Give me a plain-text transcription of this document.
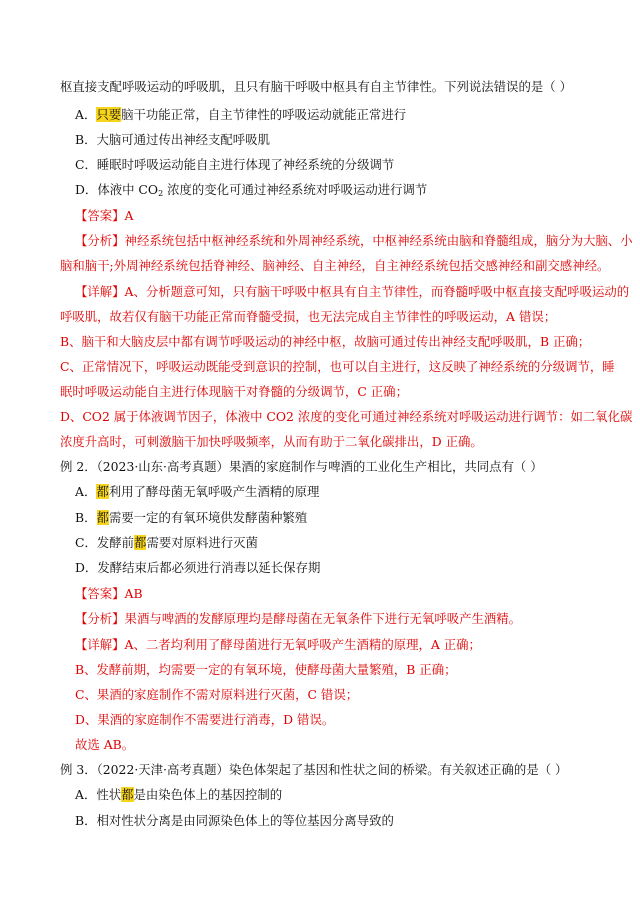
枢直接支配呼吸运动的呼吸肌，且只有脑干呼吸中枢具有自主节律性。下列说法错误的是（ ）
A．只要脑干功能正常，自主节律性的呼吸运动就能正常进行
B．大脑可通过传出神经支配呼吸肌
C．睡眠时呼吸运动能自主进行体现了神经系统的分级调节
D．体液中 $CO_2$ 浓度的变化可通过神经系统对呼吸运动进行调节
【答案】A
【分析】神经系统包括中枢神经系统和外周神经系统，中枢神经系统由脑和脊髓组成，脑分为大脑、小
脑和脑干;外周神经系统包括脊神经、脑神经、自主神经，自主神经系统包括交感神经和副交感神经。
【详解】A、分析题意可知，只有脑干呼吸中枢具有自主节律性，而脊髓呼吸中枢直接支配呼吸运动的
呼吸肌，故若仅有脑干功能正常而脊髓受损，也无法完成自主节律性的呼吸运动，A 错误；
B、脑干和大脑皮层中都有调节呼吸运动的神经中枢，故脑可通过传出神经支配呼吸肌，B 正确；
C、正常情况下，呼吸运动既能受到意识的控制，也可以自主进行，这反映了神经系统的分级调节，睡
眠时呼吸运动能自主进行体现脑干对脊髓的分级调节，C 正确；
D、CO2 属于体液调节因子，体液中 CO2 浓度的变化可通过神经系统对呼吸运动进行调节：如二氧化碳
浓度升高时，可刺激脑干加快呼吸频率，从而有助于二氧化碳排出，D 正确。
例 2．（2023·山东·高考真题）果酒的家庭制作与啤酒的工业化生产相比，共同点有（ ）
A．都利用了酵母菌无氧呼吸产生酒精的原理
B．都需要一定的有氧环境供发酵菌种繁殖
C．发酵前都需要对原料进行灭菌
D．发酵结束后都必须进行消毒以延长保存期
【答案】AB
【分析】果酒与啤酒的发酵原理均是酵母菌在无氧条件下进行无氧呼吸产生酒精。
【详解】A、二者均利用了酵母菌进行无氧呼吸产生酒精的原理，A 正确；
B、发酵前期，均需要一定的有氧环境，使酵母菌大量繁殖，B 正确；
C、果酒的家庭制作不需对原料进行灭菌，C 错误；
D、果酒的家庭制作不需要进行消毒，D 错误。
故选 AB。
例 3．（2022·天津·高考真题）染色体架起了基因和性状之间的桥梁。有关叙述正确的是（ ）
A．性状都是由染色体上的基因控制的
B．相对性状分离是由同源染色体上的等位基因分离导致的
